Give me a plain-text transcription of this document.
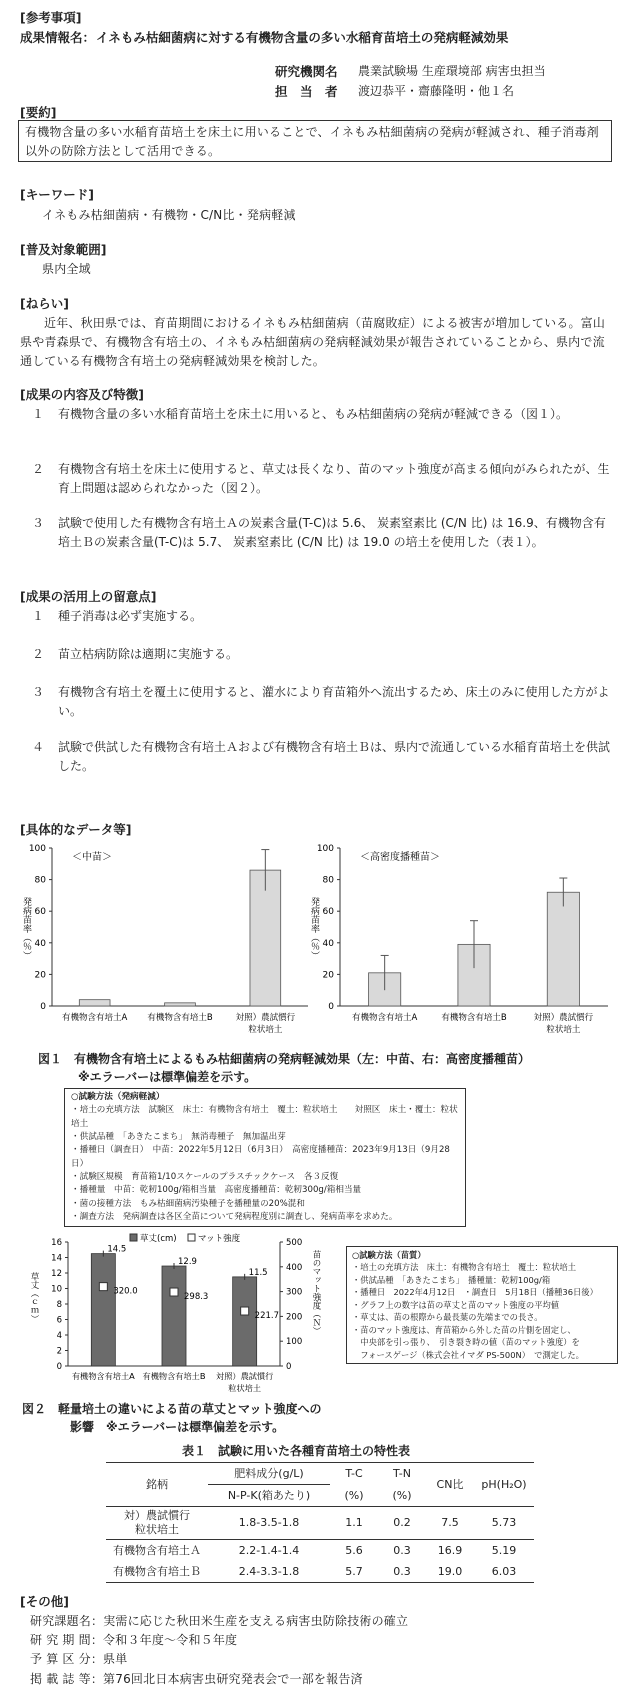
[参考事項]
成果情報名： イネもみ枯細菌病に対する有機物含量の多い水稲育苗培土の発病軽減効果
研究機関名 農業試験場 生産環境部 病害虫担当
担　当　者 渡辺恭平・齋藤隆明・他１名
[要約]
有機物含量の多い水稲育苗培土を床土に用いることで、イネもみ枯細菌病の発病が軽減され、種子消毒剤以外の防除方法として活用できる。
[キーワード]
イネもみ枯細菌病・有機物・C/N比・発病軽減
[普及対象範囲]
県内全域
[ねらい]
近年、秋田県では、育苗期間におけるイネもみ枯細菌病（苗腐敗症）による被害が増加している。富山県や青森県で、有機物含有培土の、イネもみ枯細菌病の発病軽減効果が報告されていることから、県内で流通している有機物含有培土の発病軽減効果を検討した。
[成果の内容及び特徴]
１	有機物含量の多い水稲育苗培土を床土に用いると、もみ枯細菌病の発病が軽減できる（図１）。
２	有機物含有培土を床土に使用すると、草丈は長くなり、苗のマット強度が高まる傾向がみられたが、生育上問題は認められなかった（図２）。
３	試験で使用した有機物含有培土Ａの炭素含量(T-C)は 5.6、 炭素窒素比 (C/N 比) は 16.9、有機物含有培土Ｂの炭素含量(T-C)は 5.7、 炭素窒素比 (C/N 比) は 19.0 の培土を使用した（表１）。
[成果の活用上の留意点]
１	種子消毒は必ず実施する。
２	苗立枯病防除は適期に実施する。
３	有機物含有培土を覆土に使用すると、灌水により育苗箱外へ流出するため、床土のみに使用した方がよい。
４	試験で供試した有機物含有培土Ａおよび有機物含有培土Ｂは、県内で流通している水稲育苗培土を供試した。
[具体的なデータ等]
0
20
40
60
80
100
＜中苗＞
発病苗率（％）
有機物含有培土A 有機物含有培土B	対照）農試慣行
粒状培土
0
20
40
60
80
100
＜高密度播種苗＞
発病苗率（％）
有機物含有培土A	有機物含有培土B	対照）農試慣行
粒状培土
図１　有機物含有培土によるもみ枯細菌病の発病軽減効果（左：中苗、右：高密度播種苗）
※エラーバーは標準偏差を示す。
○試験方法（発病軽減）
・培土の充填方法　試験区　床土：有機物含有培土　覆土：粒状培土　　対照区　床土・覆土：粒状培土
・供試品種　「あきたこまち」　無消毒種子　無加温出芽
・播種日（調査日）　中苗：2022年5月12日（6月3日）　高密度播種苗：2023年9月13日（9月28日）
・試験区規模　育苗箱1/10スケールのプラスチックケース　各３反復
・播種量　中苗：乾籾100g/箱相当量　高密度播種苗：乾籾300g/箱相当量
・菌の接種方法　もみ枯細菌病汚染種子を播種量の20%混和
・調査方法　発病調査は各区全苗について発病程度別に調査し、発病苗率を求めた。
0
2
4
6
8
10
12
14
16
0
100
200
300
400
500
草丈（ｃｍ）	苗のマット強度（Ｎ）
草丈(cm)	マット強度
14.5
320.0
有機物含有培土A
12.9
298.3
有機物含有培土B
11.5
221.7
対照）農試慣行
粒状培土
○試験方法（苗質）
・培土の充填方法　床土：有機物含有培土　覆土：粒状培土
・供試品種　「あきたこまち」　播種量：乾籾100g/箱
・播種日　2022年4月12日　・調査日　5月18日（播種36日後）
・グラフ上の数字は苗の草丈と苗のマット強度の平均値
・草丈は、苗の根際から最長葉の先端までの長さ。
・苗のマット強度は、育苗箱から外した苗の片側を固定し、
　中央部を引っ張り、　引き裂き時の値（苗のマット強度）を
　フォースゲージ（株式会社イマダ PS-500N）　で測定した。
図２　軽量培土の違いによる苗の草丈とマット強度への
影響　※エラーバーは標準偏差を示す。
表１　試験に用いた各種育苗培土の特性表
銘柄	肥料成分(g/L)	T-C	T-N	CN比	pH(H₂O)
	N-P-K(箱あたり)	(%)	(%)		

対）農試慣行
粒状培土	1.8-3.5-1.8	1.1	0.2	7.5	5.73
有機物含有培土Ａ	2.2-1.4-1.4	5.6	0.3	16.9	5.19
有機物含有培土Ｂ	2.4-3.3-1.8	5.7	0.3	19.0	6.03
[その他]
研究課題名：実需に応じた秋田米生産を支える病害虫防除技術の確立
研 究 期 間：令和３年度～令和５年度
予 算 区 分：県単
掲 載 誌 等：第76回北日本病害虫研究発表会で一部を報告済
